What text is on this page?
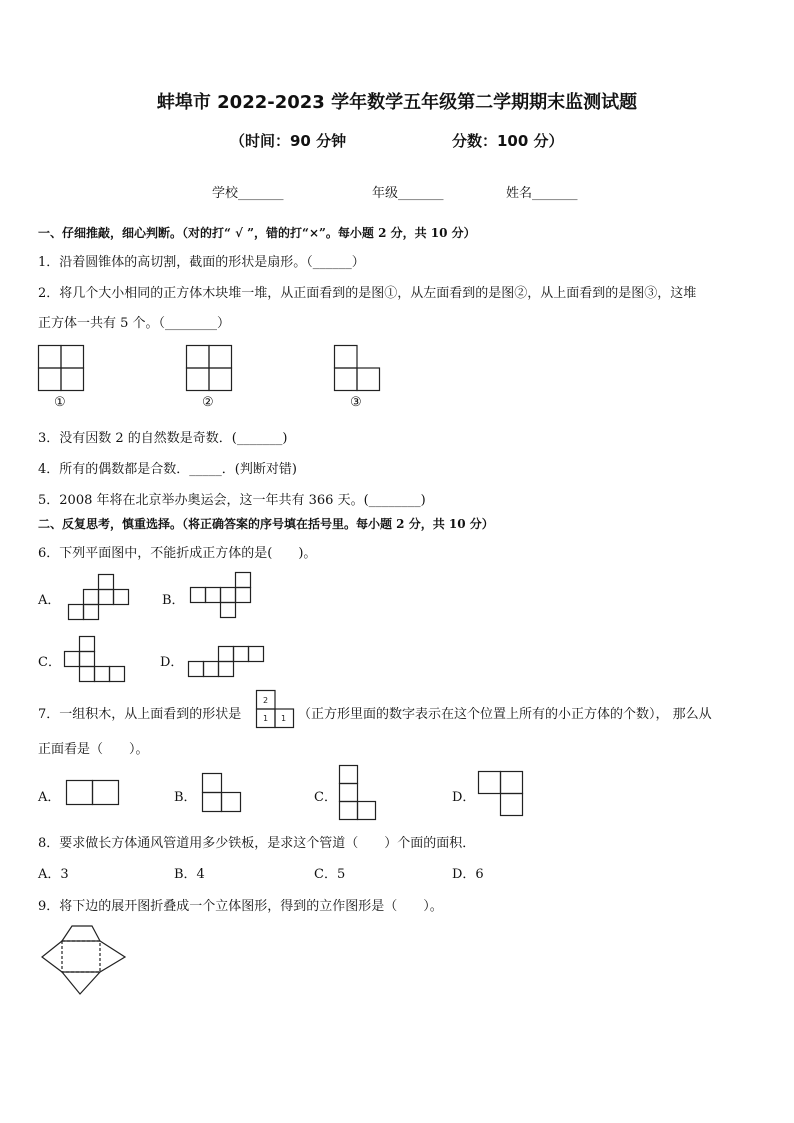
蚌埠市 2022-2023 学年数学五年级第二学期期末监测试题
（时间：90 分钟	分数：100 分）
学校_______	年级_______	姓名_______
一、仔细推敲，细心判断。（对的打“ √ ”，错的打“×”。每小题 2 分，共 10 分）
1．沿着圆锥体的高切割，截面的形状是扇形。（______）
2．将几个大小相同的正方体木块堆一堆，从正面看到的是图①，从左面看到的是图②，从上面看到的是图③，这堆
正方体一共有 5 个。（________）
①	②	③
3．没有因数 2 的自然数是奇数．(_______)
4．所有的偶数都是合数．_____．(判断对错)
5．2008 年将在北京举办奥运会，这一年共有 366 天。(________)
二、反复思考，慎重选择。（将正确答案的序号填在括号里。每小题 2 分，共 10 分）
6．下列平面图中，不能折成正方体的是(　　)。
A．	B．
C．	D．
7．一组积木，从上面看到的形状是
2
1 1 （正方形里面的数字表示在这个位置上所有的小正方体的个数）， 那么从
正面看是（　　）。
A．	B．	C．	D．
8．要求做长方体通风管道用多少铁板，是求这个管道（　　）个面的面积．
A．3	B．4	C．5	D．6
9．将下边的展开图折叠成一个立体图形，得到的立作图形是（　　）。
